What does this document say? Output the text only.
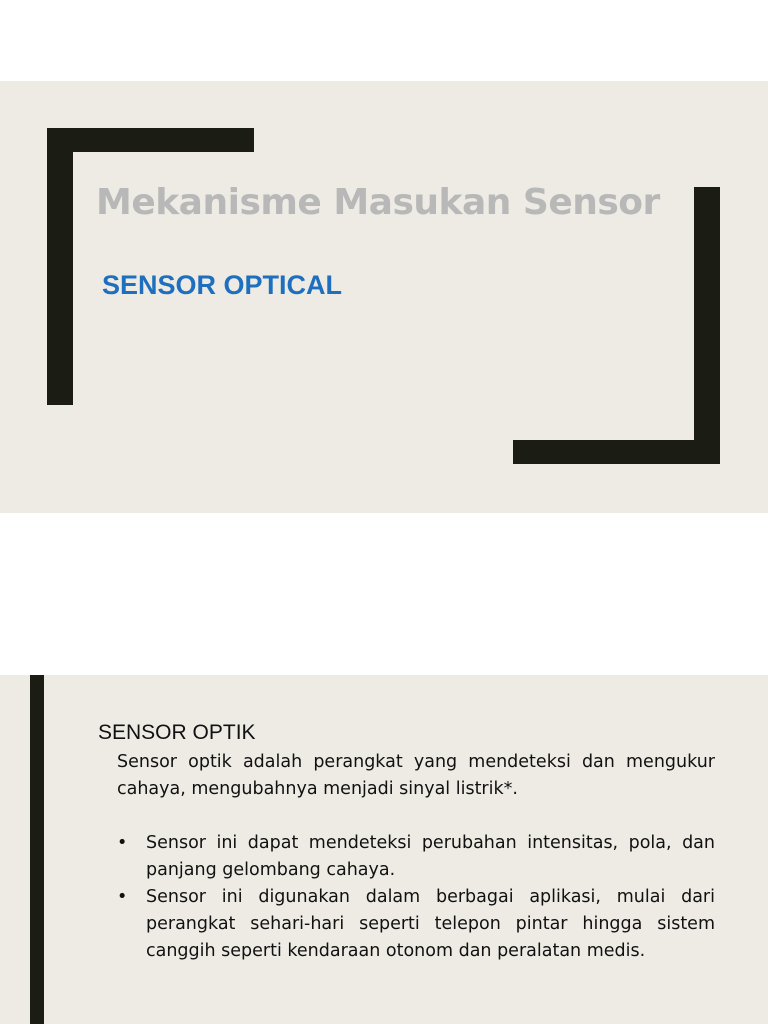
Mekanisme Masukan Sensor
SENSOR OPTICAL
SENSOR OPTIK

Sensor optik adalah perangkat yang mendeteksi dan mengukur cahaya, mengubahnya menjadi sinyal listrik*.

• Sensor ini dapat mendeteksi perubahan intensitas, pola, dan panjang gelombang cahaya.
• Sensor ini digunakan dalam berbagai aplikasi, mulai dari perangkat sehari-hari seperti telepon pintar hingga sistem canggih seperti kendaraan otonom dan peralatan medis.
